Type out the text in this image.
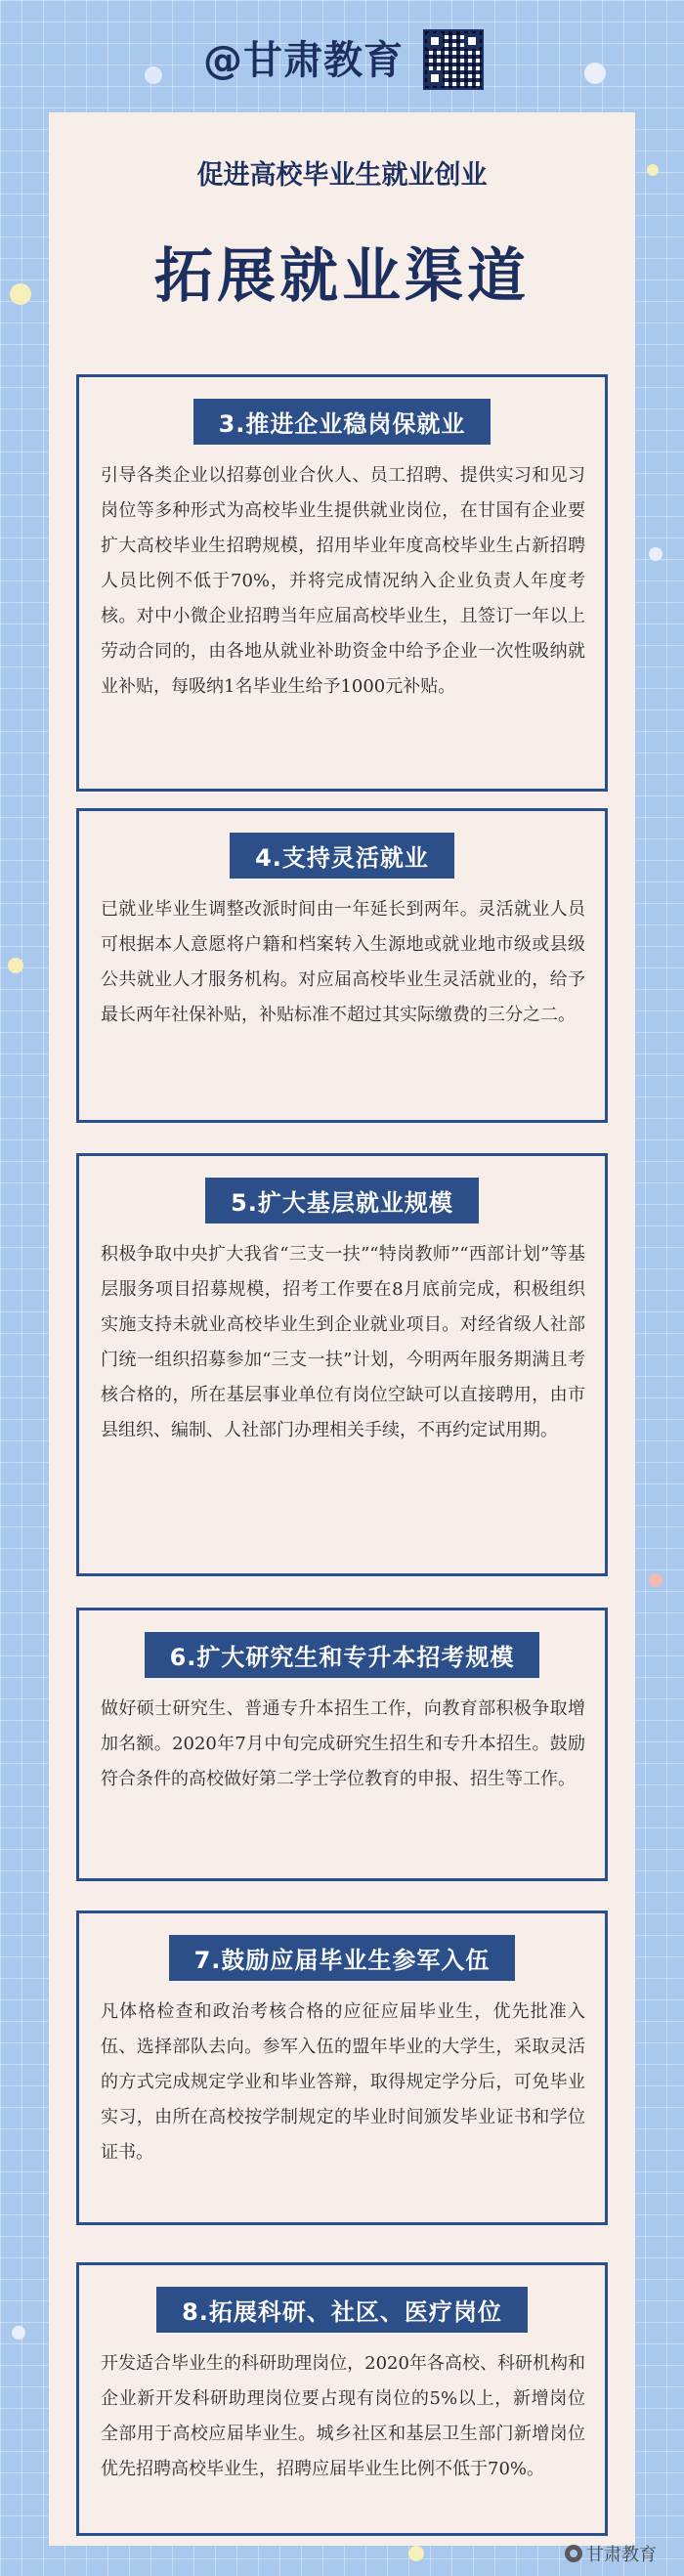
@甘肃教育
促进高校毕业生就业创业
拓展就业渠道
3.推进企业稳岗保就业
引导各类企业以招募创业合伙人、员工招聘、提供实习和见习岗位等多种形式为高校毕业生提供就业岗位，在甘国有企业要扩大高校毕业生招聘规模，招用毕业年度高校毕业生占新招聘人员比例不低于70%，并将完成情况纳入企业负责人年度考核。对中小微企业招聘当年应届高校毕业生，且签订一年以上劳动合同的，由各地从就业补助资金中给予企业一次性吸纳就业补贴，每吸纳1名毕业生给予1000元补贴。
4.支持灵活就业
已就业毕业生调整改派时间由一年延长到两年。灵活就业人员可根据本人意愿将户籍和档案转入生源地或就业地市级或县级公共就业人才服务机构。对应届高校毕业生灵活就业的，给予最长两年社保补贴，补贴标准不超过其实际缴费的三分之二。
5.扩大基层就业规模
积极争取中央扩大我省“三支一扶”“特岗教师”“西部计划”等基层服务项目招募规模，招考工作要在8月底前完成，积极组织实施支持未就业高校毕业生到企业就业项目。对经省级人社部门统一组织招募参加“三支一扶”计划，今明两年服务期满且考核合格的，所在基层事业单位有岗位空缺可以直接聘用，由市县组织、编制、人社部门办理相关手续，不再约定试用期。
6.扩大研究生和专升本招考规模
做好硕士研究生、普通专升本招生工作，向教育部积极争取增加名额。2020年7月中旬完成研究生招生和专升本招生。鼓励符合条件的高校做好第二学士学位教育的申报、招生等工作。
7.鼓励应届毕业生参军入伍
凡体格检查和政治考核合格的应征应届毕业生，优先批准入伍、选择部队去向。参军入伍的盟年毕业的大学生，采取灵活的方式完成规定学业和毕业答辩，取得规定学分后，可免毕业实习，由所在高校按学制规定的毕业时间颁发毕业证书和学位证书。
8.拓展科研、社区、医疗岗位
开发适合毕业生的科研助理岗位，2020年各高校、科研机构和企业新开发科研助理岗位要占现有岗位的5%以上，新增岗位全部用于高校应届毕业生。城乡社区和基层卫生部门新增岗位优先招聘高校毕业生，招聘应届毕业生比例不低于70%。
甘肃教育
